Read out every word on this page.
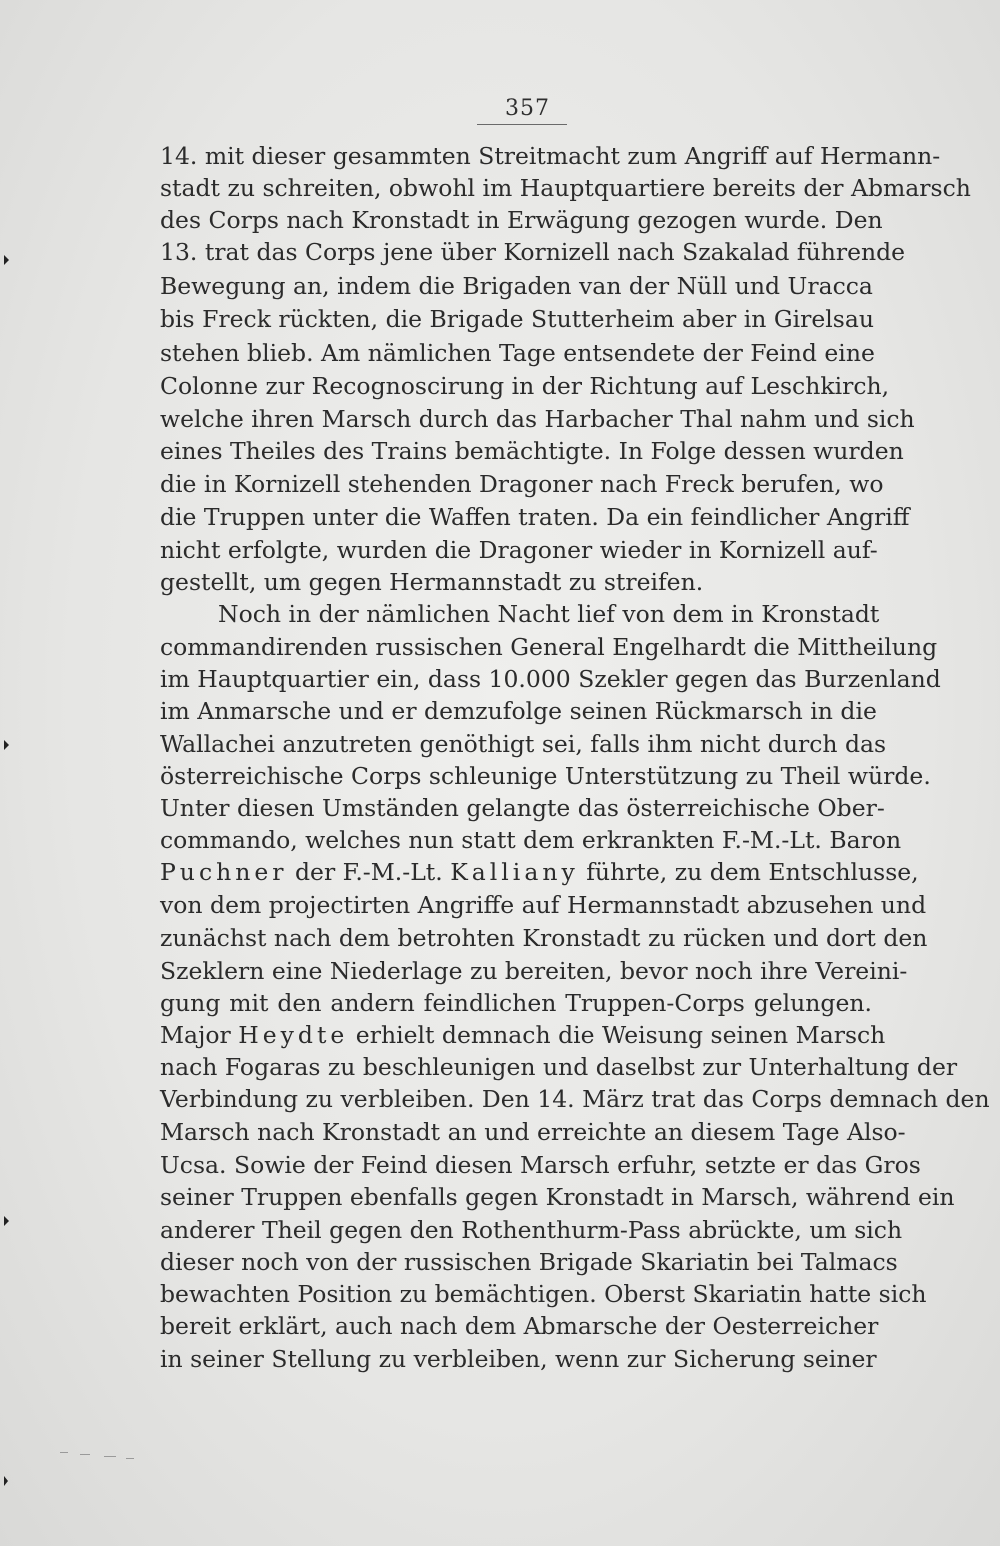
357
14. mit dieser gesammten Streitmacht zum Angriff auf Hermann-
stadt zu schreiten, obwohl im Hauptquartiere bereits der Abmarsch
des Corps nach Kronstadt in Erwägung gezogen wurde. Den
13. trat das Corps jene über Kornizell nach Szakalad führende
Bewegung an, indem die Brigaden van der Nüll und Uracca
bis Freck rückten, die Brigade Stutterheim aber in Girelsau
stehen blieb. Am nämlichen Tage entsendete der Feind eine
Colonne zur Recognoscirung in der Richtung auf Leschkirch,
welche ihren Marsch durch das Harbacher Thal nahm und sich
eines Theiles des Trains bemächtigte. In Folge dessen wurden
die in Kornizell stehenden Dragoner nach Freck berufen, wo
die Truppen unter die Waffen traten. Da ein feindlicher Angriff
nicht erfolgte, wurden die Dragoner wieder in Kornizell auf-
gestellt, um gegen Hermannstadt zu streifen.
Noch in der nämlichen Nacht lief von dem in Kronstadt
commandirenden russischen General Engelhardt die Mittheilung
im Hauptquartier ein, dass 10.000 Szekler gegen das Burzenland
im Anmarsche und er demzufolge seinen Rückmarsch in die
Wallachei anzutreten genöthigt sei, falls ihm nicht durch das
österreichische Corps schleunige Unterstützung zu Theil würde.
Unter diesen Umständen gelangte das österreichische Ober-
commando, welches nun statt dem erkrankten F.-M.-Lt. Baron
Puchner der F.-M.-Lt. Kalliany führte, zu dem Entschlusse,
von dem projectirten Angriffe auf Hermannstadt abzusehen und
zunächst nach dem betrohten Kronstadt zu rücken und dort den
Szeklern eine Niederlage zu bereiten, bevor noch ihre Vereini-
gung mit den andern feindlichen Truppen-Corps gelungen.
Major Heydte erhielt demnach die Weisung seinen Marsch
nach Fogaras zu beschleunigen und daselbst zur Unterhaltung der
Verbindung zu verbleiben. Den 14. März trat das Corps demnach den
Marsch nach Kronstadt an und erreichte an diesem Tage Also-
Ucsa. Sowie der Feind diesen Marsch erfuhr, setzte er das Gros
seiner Truppen ebenfalls gegen Kronstadt in Marsch, während ein
anderer Theil gegen den Rothenthurm-Pass abrückte, um sich
dieser noch von der russischen Brigade Skariatin bei Talmacs
bewachten Position zu bemächtigen. Oberst Skariatin hatte sich
bereit erklärt, auch nach dem Abmarsche der Oesterreicher
in seiner Stellung zu verbleiben, wenn zur Sicherung seiner
